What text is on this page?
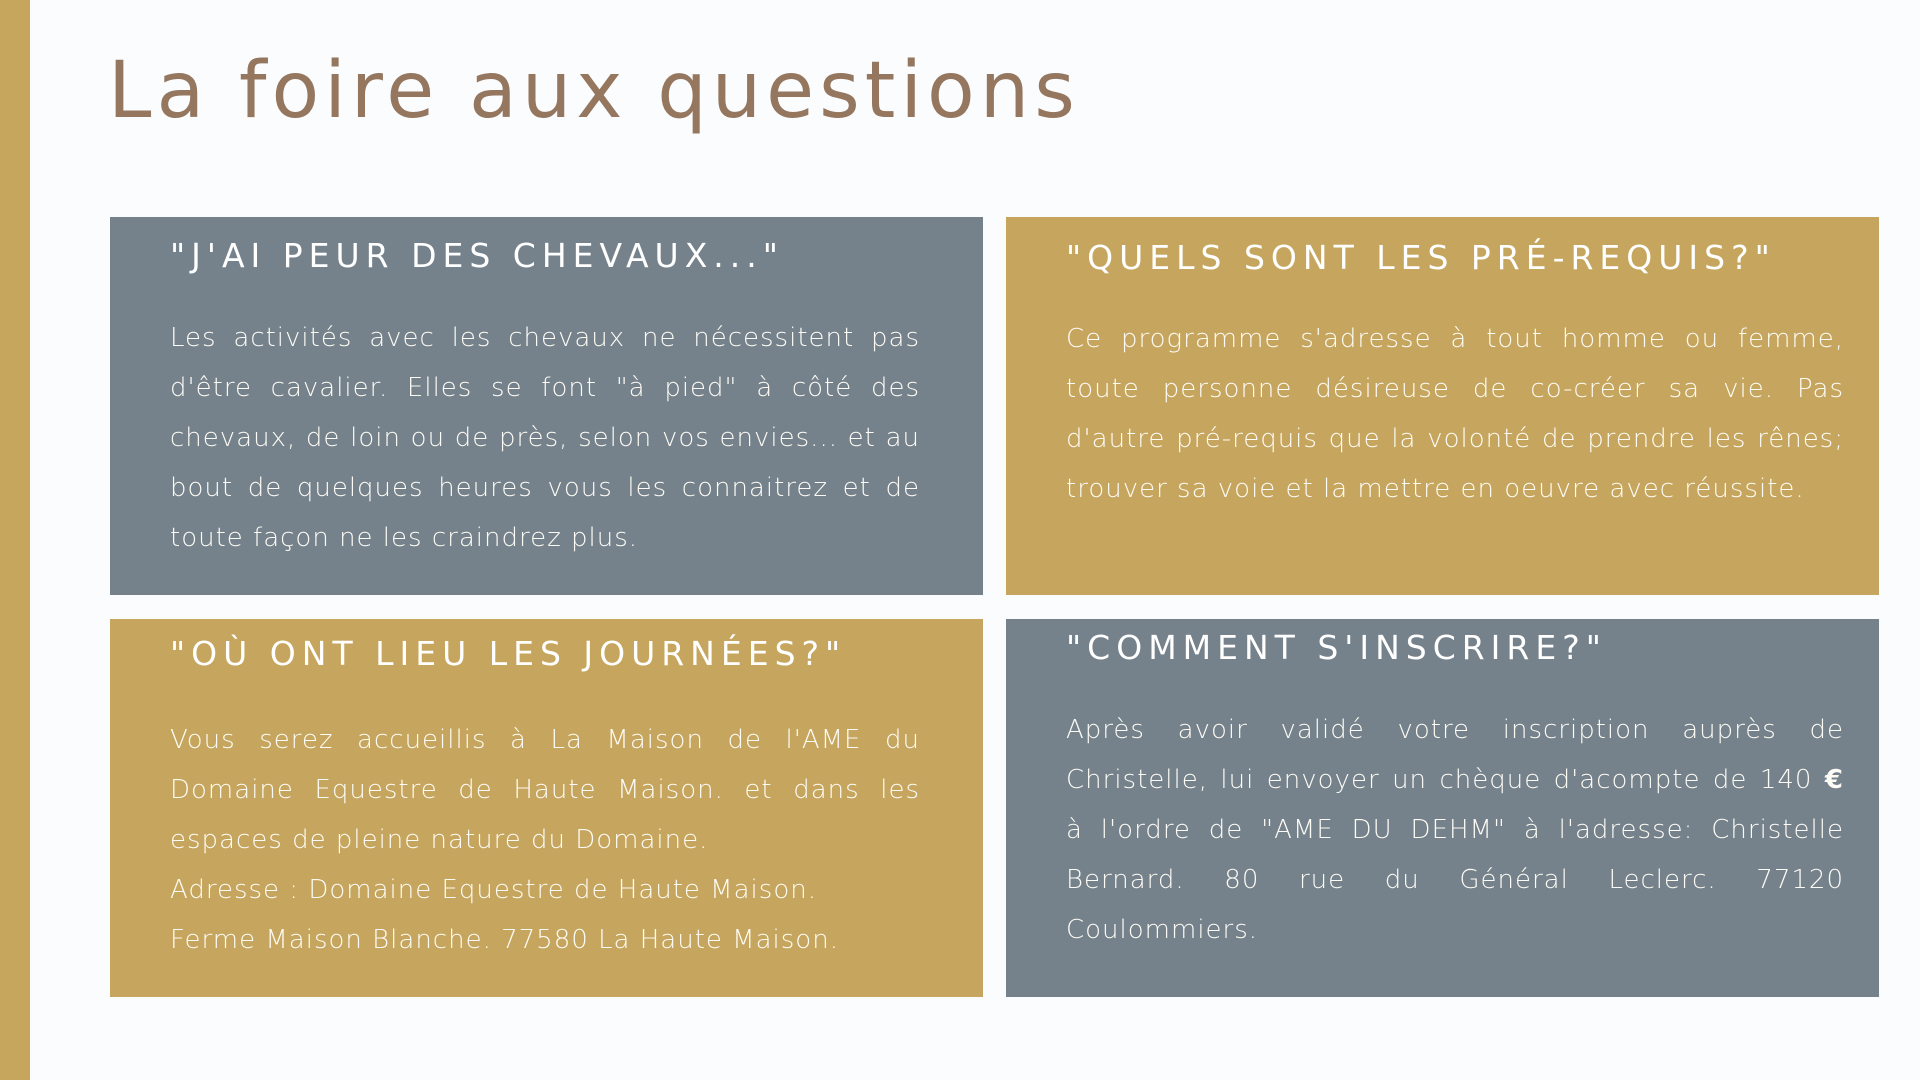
La foire aux questions
"J'AI PEUR DES CHEVAUX..."

Les activités avec les chevaux ne nécessitent pas d'être cavalier. Elles se font "à pied" à côté des chevaux, de loin ou de près, selon vos envies... et au bout de quelques heures vous les connaitrez et de toute façon ne les craindrez plus.

"QUELS SONT LES PRÉ-REQUIS?"

Ce programme s'adresse à tout homme ou femme, toute personne désireuse de co-créer sa vie. Pas d'autre pré-requis que la volonté de prendre les rênes; trouver sa voie et la mettre en oeuvre avec réussite.

"OÙ ONT LIEU LES JOURNÉES?"
Vous serez accueillis à La Maison de l'AME du Domaine Equestre de Haute Maison. et dans les espaces de pleine nature du Domaine.
Adresse : Domaine Equestre de Haute Maison.
Ferme Maison Blanche. 77580 La Haute Maison.
"COMMENT S'INSCRIRE?"

Après avoir validé votre inscription auprès de Christelle, lui envoyer un chèque d'acompte de 140 € à l'ordre de "AME DU DEHM" à l'adresse: Christelle Bernard. 80 rue du Général Leclerc. 77120 Coulommiers.
